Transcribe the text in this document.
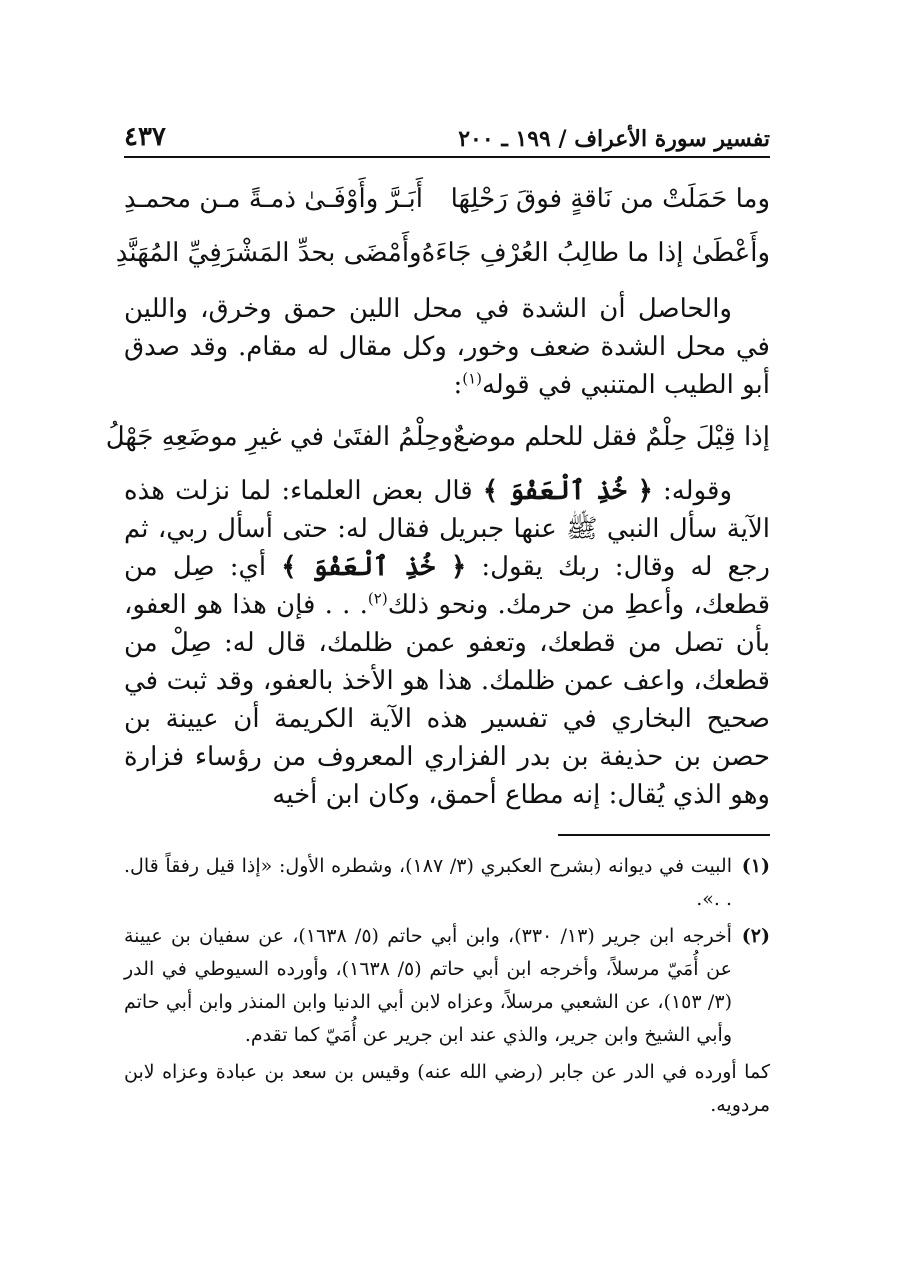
تفسير سورة الأعراف / ١٩٩ ـ ٢٠٠
٤٣٧
وما حَمَلَتْ من نَاقةٍ فوقَ رَحْلِهَا
أَبَـرَّ وأَوْفَـىٰ ذمـةً مـن محمـدِ
وأَعْطَىٰ إذا ما طالِبُ العُرْفِ جَاءَهُ
وأَمْضَى بحدِّ المَشْرَفِيِّ المُهَنَّدِ

والحاصل أن الشدة في محل اللين حمق وخرق، واللين في محل الشدة ضعف وخور، وكل مقال له مقام. وقد صدق أبو الطيب المتنبي في قوله$^{(١)}$:

إذا قِيْلَ حِلْمٌ فقل للحلم موضعٌ
وحِلْمُ الفتَىٰ في غيرِ موضَعِهِ جَهْلُ

وقوله: ﴿ خُذِ ٱلْعَفْوَ ﴾ قال بعض العلماء: لما نزلت هذه الآية سأل النبي ﷺ عنها جبريل فقال له: حتى أسأل ربي، ثم رجع له وقال: ربك يقول: ﴿ خُذِ ٱلْعَفْوَ ﴾ أي: صِل من قطعك، وأعطِ من حرمك. ونحو ذلك$^{(٢)}$. . . فإن هذا هو العفو، بأن تصل من قطعك، وتعفو عمن ظلمك، قال له: صِلْ من قطعك، واعف عمن ظلمك. هذا هو الأخذ بالعفو، وقد ثبت في صحيح البخاري في تفسير هذه الآية الكريمة أن عيينة بن حصن بن حذيفة بن بدر الفزاري المعروف من رؤساء فزارة وهو الذي يُقال: إنه مطاع أحمق، وكان ابن أخيه

(١)
البيت في ديوانه (بشرح العكبري (٣/ ١٨٧)، وشطره الأول: «إذا قيل رفقاً قال. . .».
(٢)
أخرجه ابن جرير (١٣/ ٣٣٠)، وابن أبي حاتم (٥/ ١٦٣٨)، عن سفيان بن عيينة عن أُمَيّ مرسلاً، وأخرجه ابن أبي حاتم (٥/ ١٦٣٨)، وأورده السيوطي في الدر (٣/ ١٥٣)، عن الشعبي مرسلاً، وعزاه لابن أبي الدنيا وابن المنذر وابن أبي حاتم وأبي الشيخ وابن جرير، والذي عند ابن جرير عن أُمَيّ كما تقدم.
كما أورده في الدر عن جابر (رضي الله عنه) وقيس بن سعد بن عبادة وعزاه لابن مردويه.
